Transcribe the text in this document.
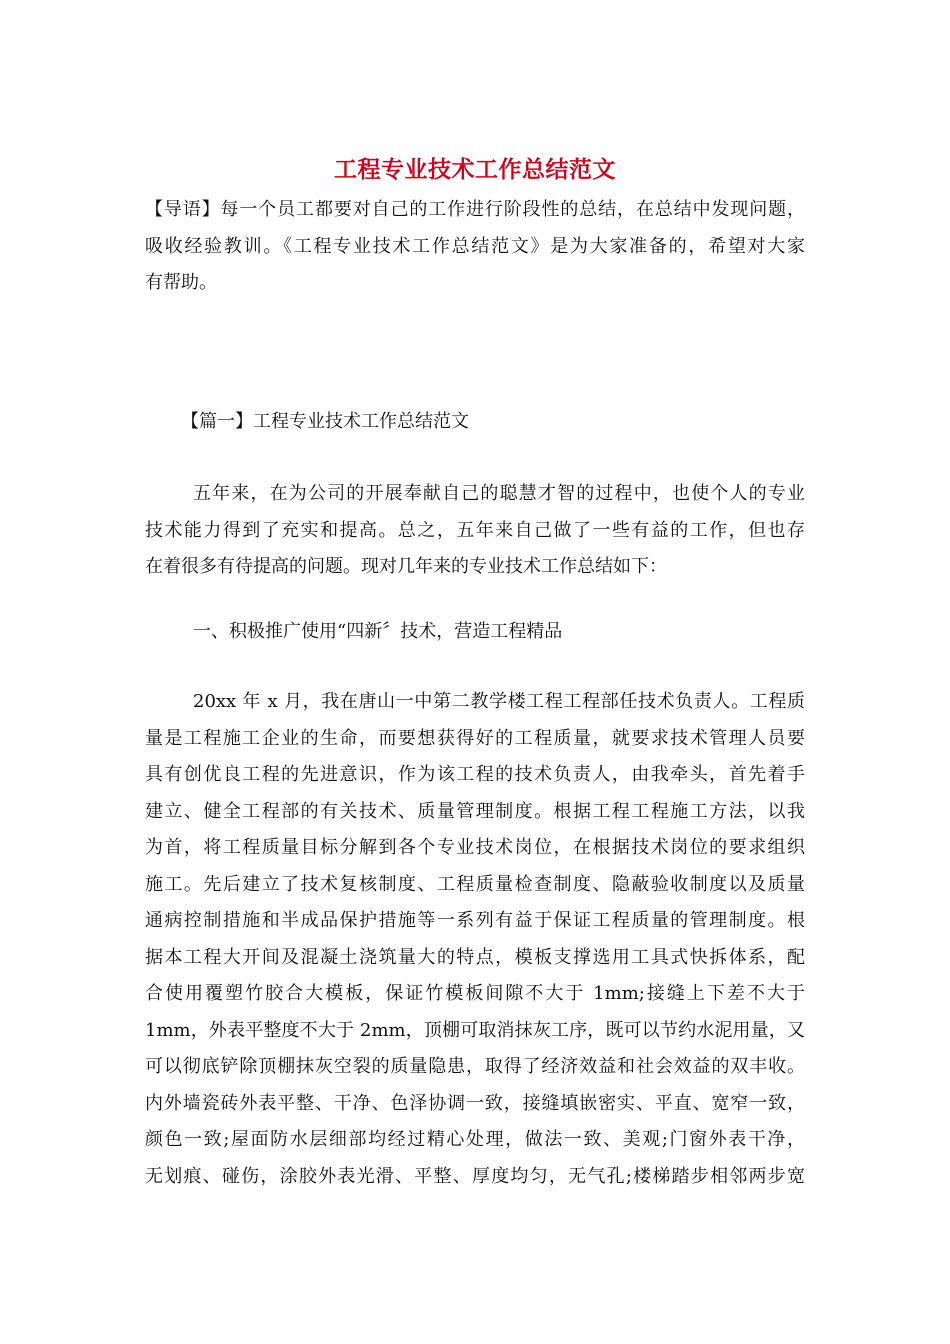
工程专业技术工作总结范文
【导语】每一个员工都要对自己的工作进行阶段性的总结，在总结中发现问题，
吸收经验教训。《工程专业技术工作总结范文》是为大家准备的，希望对大家
有帮助。
【篇一】工程专业技术工作总结范文
五年来，在为公司的开展奉献自己的聪慧才智的过程中，也使个人的专业
技术能力得到了充实和提高。总之，五年来自己做了一些有益的工作，但也存
在着很多有待提高的问题。现对几年来的专业技术工作总结如下：
一、积极推广使用“四新〞技术，营造工程精品
20xx 年 x 月，我在唐山一中第二教学楼工程工程部任技术负责人。工程质
量是工程施工企业的生命，而要想获得好的工程质量，就要求技术管理人员要
具有创优良工程的先进意识，作为该工程的技术负责人，由我牵头，首先着手
建立、健全工程部的有关技术、质量管理制度。根据工程工程施工方法，以我
为首，将工程质量目标分解到各个专业技术岗位，在根据技术岗位的要求组织
施工。先后建立了技术复核制度、工程质量检查制度、隐蔽验收制度以及质量
通病控制措施和半成品保护措施等一系列有益于保证工程质量的管理制度。根
据本工程大开间及混凝土浇筑量大的特点，模板支撑选用工具式快拆体系，配
合使用覆塑竹胶合大模板，保证竹模板间隙不大于 1mm;接缝上下差不大于
1mm，外表平整度不大于 2mm，顶棚可取消抹灰工序，既可以节约水泥用量，又
可以彻底铲除顶棚抹灰空裂的质量隐患，取得了经济效益和社会效益的双丰收。
内外墙瓷砖外表平整、干净、色泽协调一致，接缝填嵌密实、平直、宽窄一致，
颜色一致;屋面防水层细部均经过精心处理，做法一致、美观;门窗外表干净，
无划痕、碰伤，涂胶外表光滑、平整、厚度均匀，无气孔;楼梯踏步相邻两步宽
